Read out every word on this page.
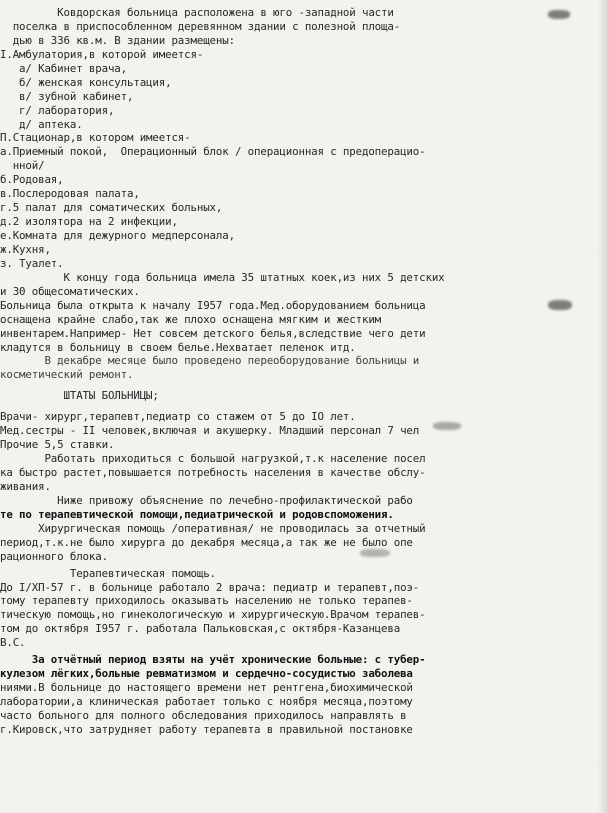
Ковдорская больница расположена в юго -западной части
поселка в приспособленном деревянном здании с полезной площа-
дью в 336 кв.м. В здании размещены:
I.Амбулатория,в которой имеется-
а/ Кабинет врача,
б/ женская консультация,
в/ зубной кабинет,
г/ лаборатория,
д/ аптека.
П.Стационар,в котором имеется-
а.Приемный покой,  Операционный блок / операционная с предоперацио-
нной/
б.Родовая,
в.Послеродовая палата,
г.5 палат для соматических больных,
д.2 изолятора на 2 инфекции,
е.Комната для дежурного медперсонала,
ж.Кухня,
з. Туалет.
К концу года больница имела 35 штатных коек,из них 5 детских
и 30 общесоматических.
Больница была открыта к началу I957 года.Мед.оборудованием больница
оснащена крайне слабо,так же плохо оснащена мягким и жестким
инвентарем.Например- Нет совсем детского белья,вследствие чего дети
кладутся в больницу в своем белье.Нехватает пеленок итд.
В декабре месяце было проведено переоборудование больницы и
косметический ремонт.
ШТАТЫ БОЛЬНИЦЫ;
Врачи- хирург,терапевт,педиатр со стажем от 5 до IO лет.
Мед.сестры - II человек,включая и акушерку. Младший персонал 7 чел
Прочие 5,5 ставки.
Работать приходиться с большой нагрузкой,т.к население посел
ка быстро растет,повышается потребность населения в качестве обслу-
живания.
Ниже привожу объяснение по лечебно-профилактической рабо
те по терапевтической помощи,педиатрической и родовспоможения.
Хирургическая помощь /оперативная/ не проводилась за отчетный
период,т.к.не было хирурга до декабря месяца,а так же не было опе
рационного блока.
Терапевтическая помощь.
До I/XП-57 г. в больнице работало 2 врача: педиатр и терапевт,поэ-
тому терапевту приходилось оказывать населению не только терапев-
тическую помощь,но гинекологическую и хирургическую.Врачом терапев-
том до октября I957 г. работала Пальковская,с октября-Казанцева
В.С.
За отчётный период взяты на учёт хронические больные: с тубер-
кулезом лёгких,больные ревматизмом и сердечно-сосудистыо заболева
ниями.В больнице до настоящего времени нет рентгена,биохимической
лаборатории,а клиническая работает только с ноября месяца,поэтому
часто больного для полного обследования приходилось направлять в
г.Кировск,что затрудняет работу терапевта в правильной постановке
